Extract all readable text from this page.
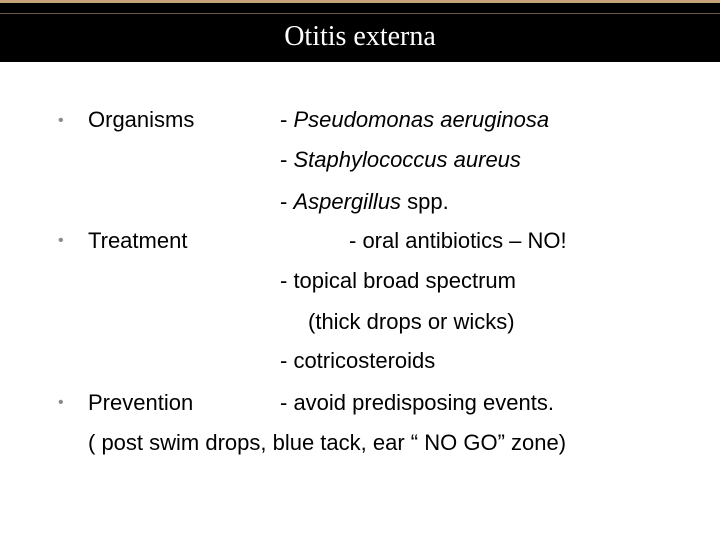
Otitis externa
• Organisms	- Pseudomonas aeruginosa
- Staphylococcus aureus
- Aspergillus spp.
• Treatment	- oral antibiotics – NO!
- topical broad spectrum
(thick drops or wicks)
- cotricosteroids
• Prevention	- avoid predisposing events.
( post swim drops, blue tack, ear “ NO GO” zone)
